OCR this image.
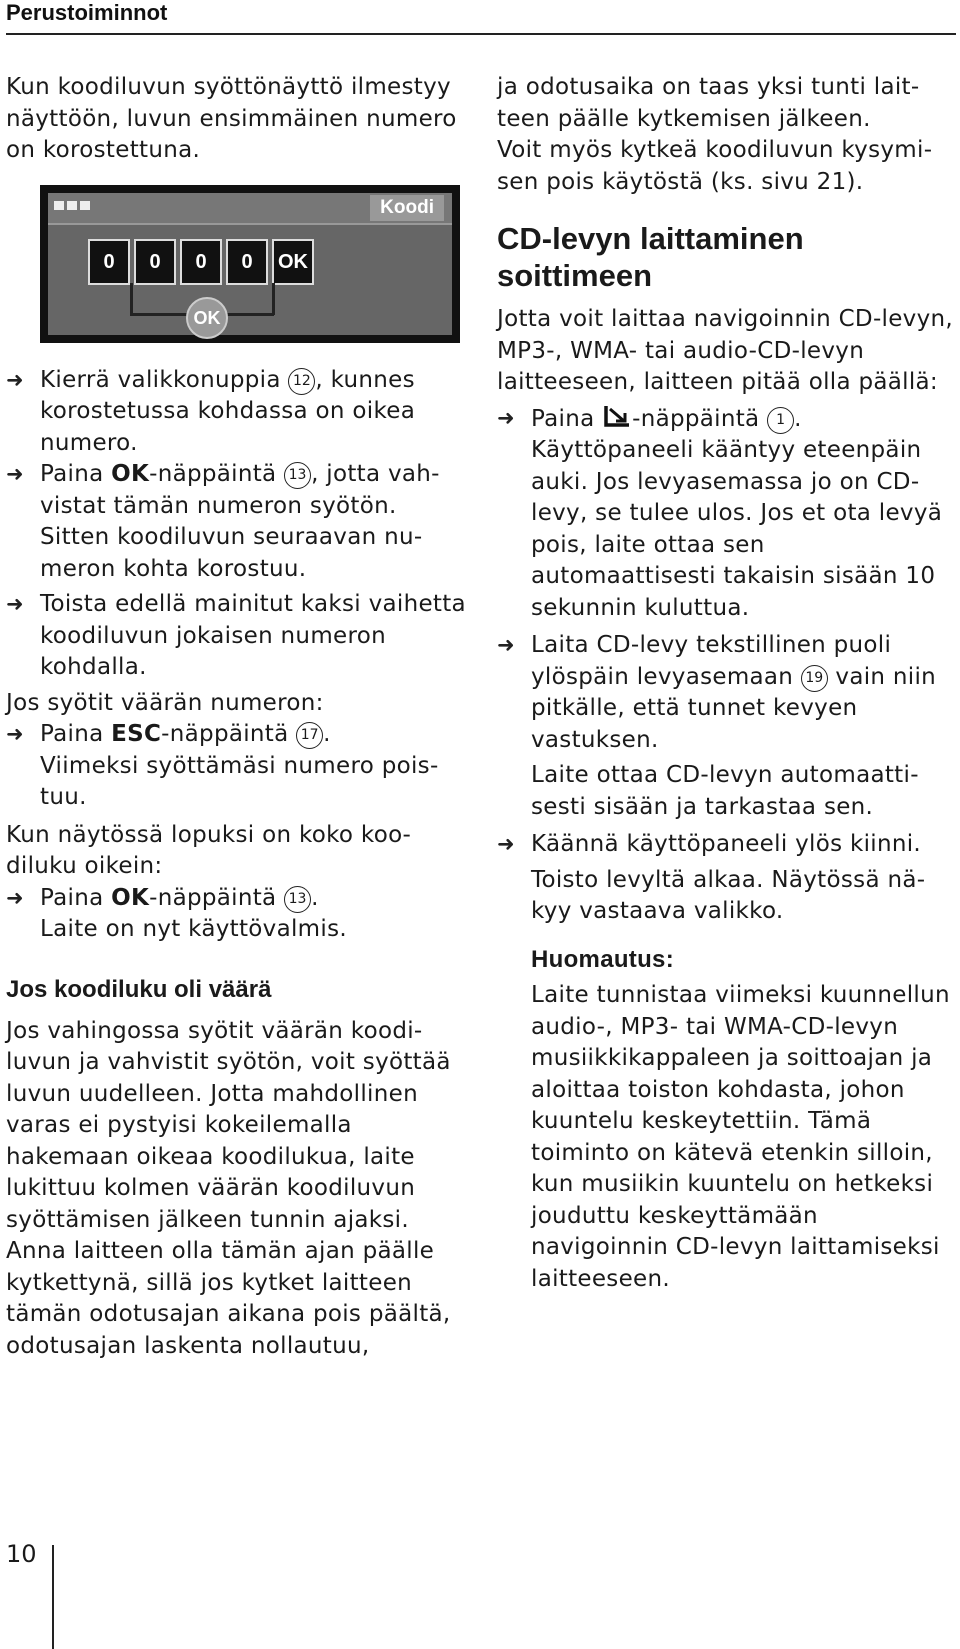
Perustoiminnot

Kun koodiluvun syöttönäyttö ilmestyy näyttöön, luvun ensimmäinen numero on korostettuna.

Koodi
0	0	0	0	OK
OK

➜ Kierrä valikkonuppia 12 , kunnes korostetussa kohdassa on oikea numero.

➜ Paina OK-näppäintä 13 , jotta vahvistat tämän numeron syötön.

Sitten koodiluvun seuraavan numeron kohta korostuu.

➜ Toista edellä mainitut kaksi vaihetta koodiluvun jokaisen numeron kohdalla.

Jos syötit väärän numeron:

➜ Paina ESC-näppäintä 17 .

Viimeksi syöttämäsi numero poistuu.

Kun näytössä lopuksi on koko koodiluku oikein:

➜ Paina OK-näppäintä 13 .

Laite on nyt käyttövalmis.

Jos koodiluku oli väärä

Jos vahingossa syötit väärän koodiluvun ja vahvistit syötön, voit syöttää luvun uudelleen. Jotta mahdollinen varas ei pystyisi kokeilemalla hakemaan oikeaa koodilukua, laite lukittuu kolmen väärän koodiluvun syöttämisen jälkeen tunnin ajaksi. Anna laitteen olla tämän ajan päälle kytkettynä, sillä jos kytket laitteen tämän odotusajan aikana pois päältä, odotusajan laskenta nollautuu,

ja odotusaika on taas yksi tunti laitteen päälle kytkemisen jälkeen.

Voit myös kytkeä koodiluvun kysymisen pois käytöstä (ks. sivu 21).

CD-levyn laittaminen soittimeen

Jotta voit laittaa navigoinnin CD-levyn, MP3-, WMA- tai audio-CD-levyn laitteeseen, laitteen pitää olla päällä:

➜ Paina -näppäintä 1 .

Käyttöpaneeli kääntyy eteenpäin auki. Jos levyasemassa jo on CD-levy, se tulee ulos. Jos et ota levyä pois, laite ottaa sen automaattisesti takaisin sisään 10 sekunnin kuluttua.

➜ Laita CD-levy tekstillinen puoli ylöspäin levyasemaan 19 vain niin pitkälle, että tunnet kevyen vastuksen.

Laite ottaa CD-levyn automaattisesti sisään ja tarkastaa sen.

➜ Käännä käyttöpaneeli ylös kiinni.

Toisto levyltä alkaa. Näytössä näkyy vastaava valikko.

Huomautus:

Laite tunnistaa viimeksi kuunnellun audio-, MP3- tai WMA-CD-levyn musiikkikappaleen ja soittoajan ja aloittaa toiston kohdasta, johon kuuntelu keskeytettiin. Tämä toiminto on kätevä etenkin silloin, kun musiikin kuuntelu on hetkeksi jouduttu keskeyttämään navigoinnin CD-levyn laittamiseksi laitteeseen.

10
